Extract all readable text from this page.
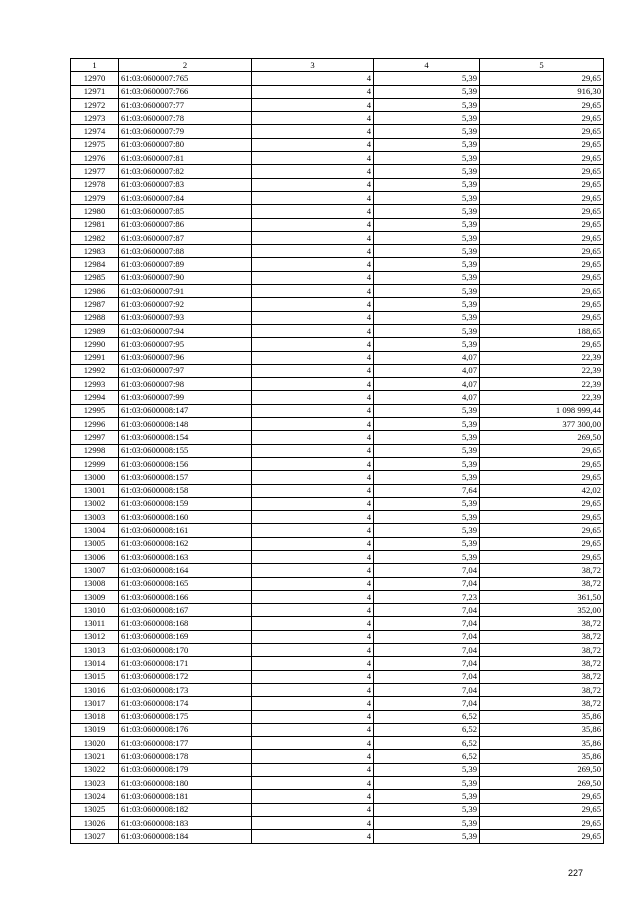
1	2	3	4	5
12970	61:03:0600007:765	4	5,39	29,65
12971	61:03:0600007:766	4	5,39	916,30
12972	61:03:0600007:77	4	5,39	29,65
12973	61:03:0600007:78	4	5,39	29,65
12974	61:03:0600007:79	4	5,39	29,65
12975	61:03:0600007:80	4	5,39	29,65
12976	61:03:0600007:81	4	5,39	29,65
12977	61:03:0600007:82	4	5,39	29,65
12978	61:03:0600007:83	4	5,39	29,65
12979	61:03:0600007:84	4	5,39	29,65
12980	61:03:0600007:85	4	5,39	29,65
12981	61:03:0600007:86	4	5,39	29,65
12982	61:03:0600007:87	4	5,39	29,65
12983	61:03:0600007:88	4	5,39	29,65
12984	61:03:0600007:89	4	5,39	29,65
12985	61:03:0600007:90	4	5,39	29,65
12986	61:03:0600007:91	4	5,39	29,65
12987	61:03:0600007:92	4	5,39	29,65
12988	61:03:0600007:93	4	5,39	29,65
12989	61:03:0600007:94	4	5,39	188,65
12990	61:03:0600007:95	4	5,39	29,65
12991	61:03:0600007:96	4	4,07	22,39
12992	61:03:0600007:97	4	4,07	22,39
12993	61:03:0600007:98	4	4,07	22,39
12994	61:03:0600007:99	4	4,07	22,39
12995	61:03:0600008:147	4	5,39	1 098 999,44
12996	61:03:0600008:148	4	5,39	377 300,00
12997	61:03:0600008:154	4	5,39	269,50
12998	61:03:0600008:155	4	5,39	29,65
12999	61:03:0600008:156	4	5,39	29,65
13000	61:03:0600008:157	4	5,39	29,65
13001	61:03:0600008:158	4	7,64	42,02
13002	61:03:0600008:159	4	5,39	29,65
13003	61:03:0600008:160	4	5,39	29,65
13004	61:03:0600008:161	4	5,39	29,65
13005	61:03:0600008:162	4	5,39	29,65
13006	61:03:0600008:163	4	5,39	29,65
13007	61:03:0600008:164	4	7,04	38,72
13008	61:03:0600008:165	4	7,04	38,72
13009	61:03:0600008:166	4	7,23	361,50
13010	61:03:0600008:167	4	7,04	352,00
13011	61:03:0600008:168	4	7,04	38,72
13012	61:03:0600008:169	4	7,04	38,72
13013	61:03:0600008:170	4	7,04	38,72
13014	61:03:0600008:171	4	7,04	38,72
13015	61:03:0600008:172	4	7,04	38,72
13016	61:03:0600008:173	4	7,04	38,72
13017	61:03:0600008:174	4	7,04	38,72
13018	61:03:0600008:175	4	6,52	35,86
13019	61:03:0600008:176	4	6,52	35,86
13020	61:03:0600008:177	4	6,52	35,86
13021	61:03:0600008:178	4	6,52	35,86
13022	61:03:0600008:179	4	5,39	269,50
13023	61:03:0600008:180	4	5,39	269,50
13024	61:03:0600008:181	4	5,39	29,65
13025	61:03:0600008:182	4	5,39	29,65
13026	61:03:0600008:183	4	5,39	29,65
13027	61:03:0600008:184	4	5,39	29,65
227
